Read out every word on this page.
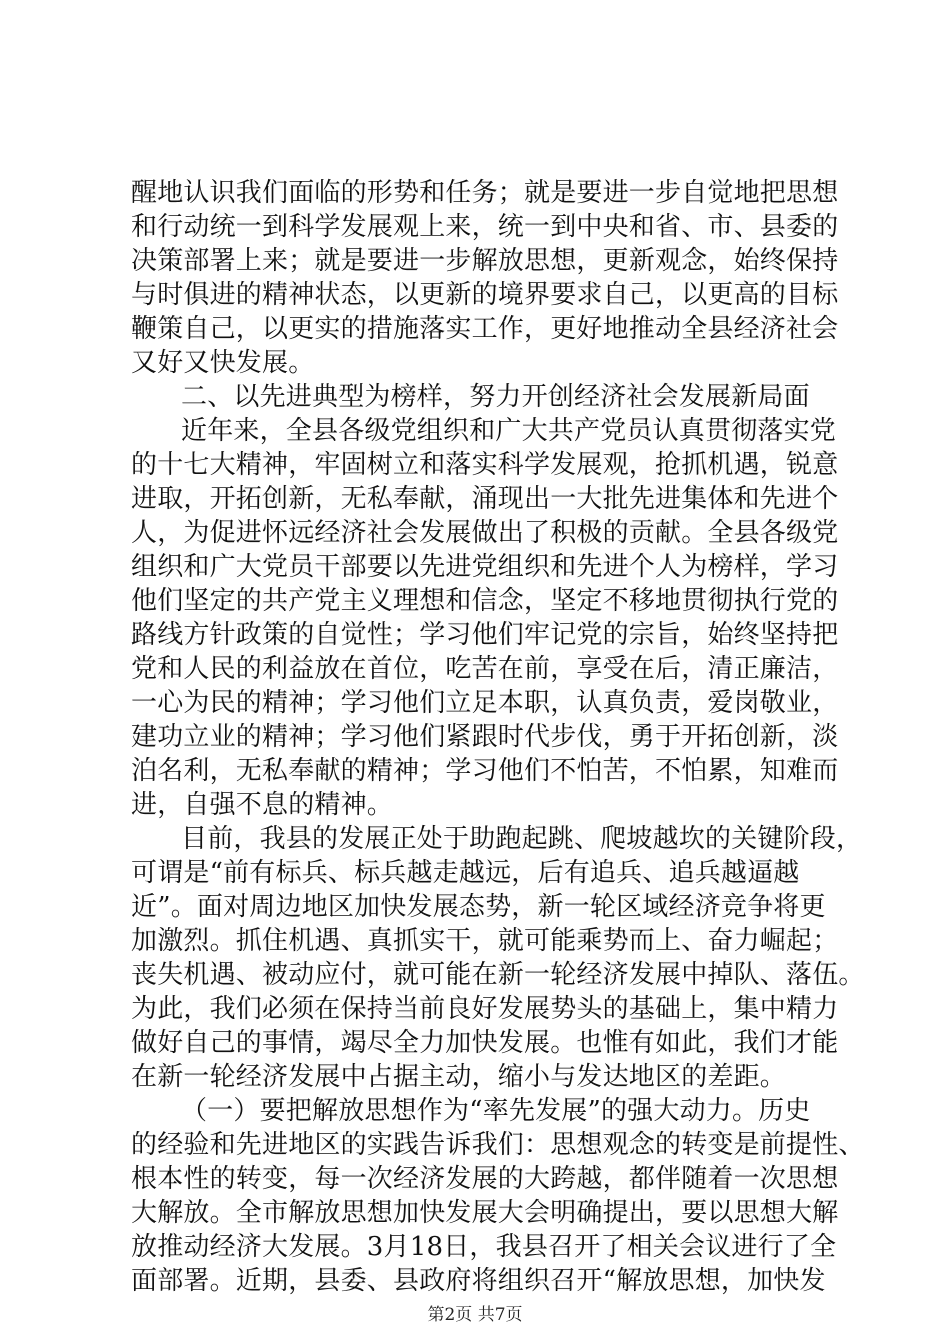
醒地认识我们面临的形势和任务；就是要进一步自觉地把思想
和行动统一到科学发展观上来，统一到中央和省、市、县委的
决策部署上来；就是要进一步解放思想，更新观念，始终保持
与时俱进的精神状态，以更新的境界要求自己，以更高的目标
鞭策自己，以更实的措施落实工作，更好地推动全县经济社会
又好又快发展。
二、以先进典型为榜样，努力开创经济社会发展新局面
近年来，全县各级党组织和广大共产党员认真贯彻落实党
的十七大精神，牢固树立和落实科学发展观，抢抓机遇，锐意
进取，开拓创新，无私奉献，涌现出一大批先进集体和先进个
人，为促进怀远经济社会发展做出了积极的贡献。全县各级党
组织和广大党员干部要以先进党组织和先进个人为榜样，学习
他们坚定的共产党主义理想和信念，坚定不移地贯彻执行党的
路线方针政策的自觉性；学习他们牢记党的宗旨，始终坚持把
党和人民的利益放在首位，吃苦在前，享受在后，清正廉洁，
一心为民的精神；学习他们立足本职，认真负责，爱岗敬业，
建功立业的精神；学习他们紧跟时代步伐，勇于开拓创新，淡
泊名利，无私奉献的精神；学习他们不怕苦，不怕累，知难而
进，自强不息的精神。
目前，我县的发展正处于助跑起跳、爬坡越坎的关键阶段，
可谓是“前有标兵、标兵越走越远，后有追兵、追兵越逼越
近”。面对周边地区加快发展态势，新一轮区域经济竞争将更
加激烈。抓住机遇、真抓实干，就可能乘势而上、奋力崛起；
丧失机遇、被动应付，就可能在新一轮经济发展中掉队、落伍。
为此，我们必须在保持当前良好发展势头的基础上，集中精力
做好自己的事情，竭尽全力加快发展。也惟有如此，我们才能
在新一轮经济发展中占据主动，缩小与发达地区的差距。
（一）要把解放思想作为“率先发展”的强大动力。历史
的经验和先进地区的实践告诉我们：思想观念的转变是前提性、
根本性的转变，每一次经济发展的大跨越，都伴随着一次思想
大解放。全市解放思想加快发展大会明确提出，要以思想大解
放推动经济大发展。3月18日，我县召开了相关会议进行了全
面部署。近期，县委、县政府将组织召开“解放思想，加快发
第2页 共7页
